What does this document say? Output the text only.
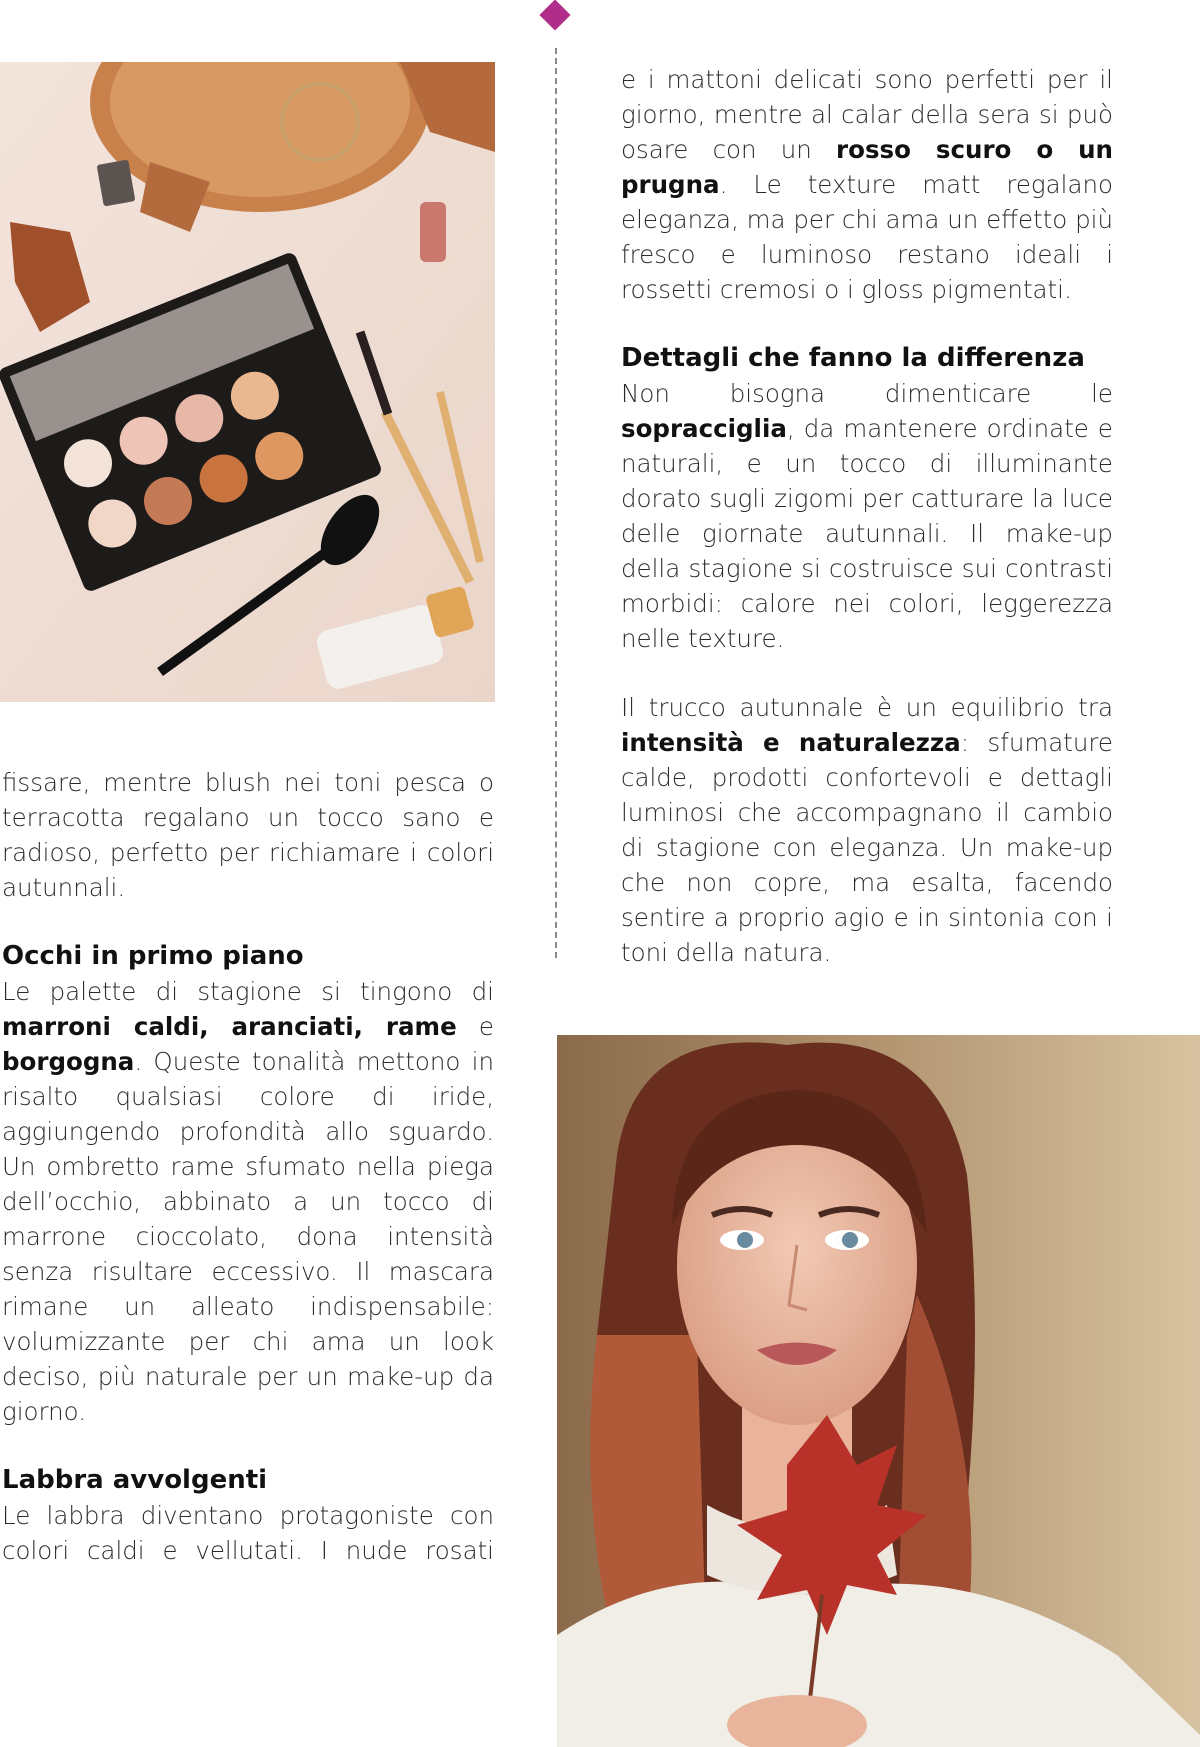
fissare, mentre blush nei toni pesca o terracotta regalano un tocco sano e radioso, perfetto per richiamare i colori autunnali.

Occhi in primo piano

Le palette di stagione si tingono di marroni caldi, aranciati, rame e borgogna. Queste tonalità mettono in risalto qualsiasi colore di iride, aggiungendo profondità allo sguardo. Un ombretto rame sfumato nella piega dell’occhio, abbinato a un tocco di marrone cioccolato, dona intensità senza risultare eccessivo. Il mascara rimane un alleato indispensabile: volumizzante per chi ama un look deciso, più naturale per un make-up da giorno.

Labbra avvolgenti

Le labbra diventano protagoniste con colori caldi e vellutati. I nude rosati

e i mattoni delicati sono perfetti per il giorno, mentre al calar della sera si può osare con un rosso scuro o un prugna. Le texture matt regalano eleganza, ma per chi ama un effetto più fresco e luminoso restano ideali i rossetti cremosi o i gloss pigmentati.

Dettagli che fanno la differenza

Non bisogna dimenticare le sopracciglia, da mantenere ordinate e naturali, e un tocco di illuminante dorato sugli zigomi per catturare la luce delle giornate autunnali. Il make-up della stagione si costruisce sui contrasti morbidi: calore nei colori, leggerezza nelle texture.

Il trucco autunnale è un equilibrio tra intensità e naturalezza: sfumature calde, prodotti confortevoli e dettagli luminosi che accompagnano il cambio di stagione con eleganza. Un make-up che non copre, ma esalta, facendo sentire a proprio agio e in sintonia con i toni della natura.
